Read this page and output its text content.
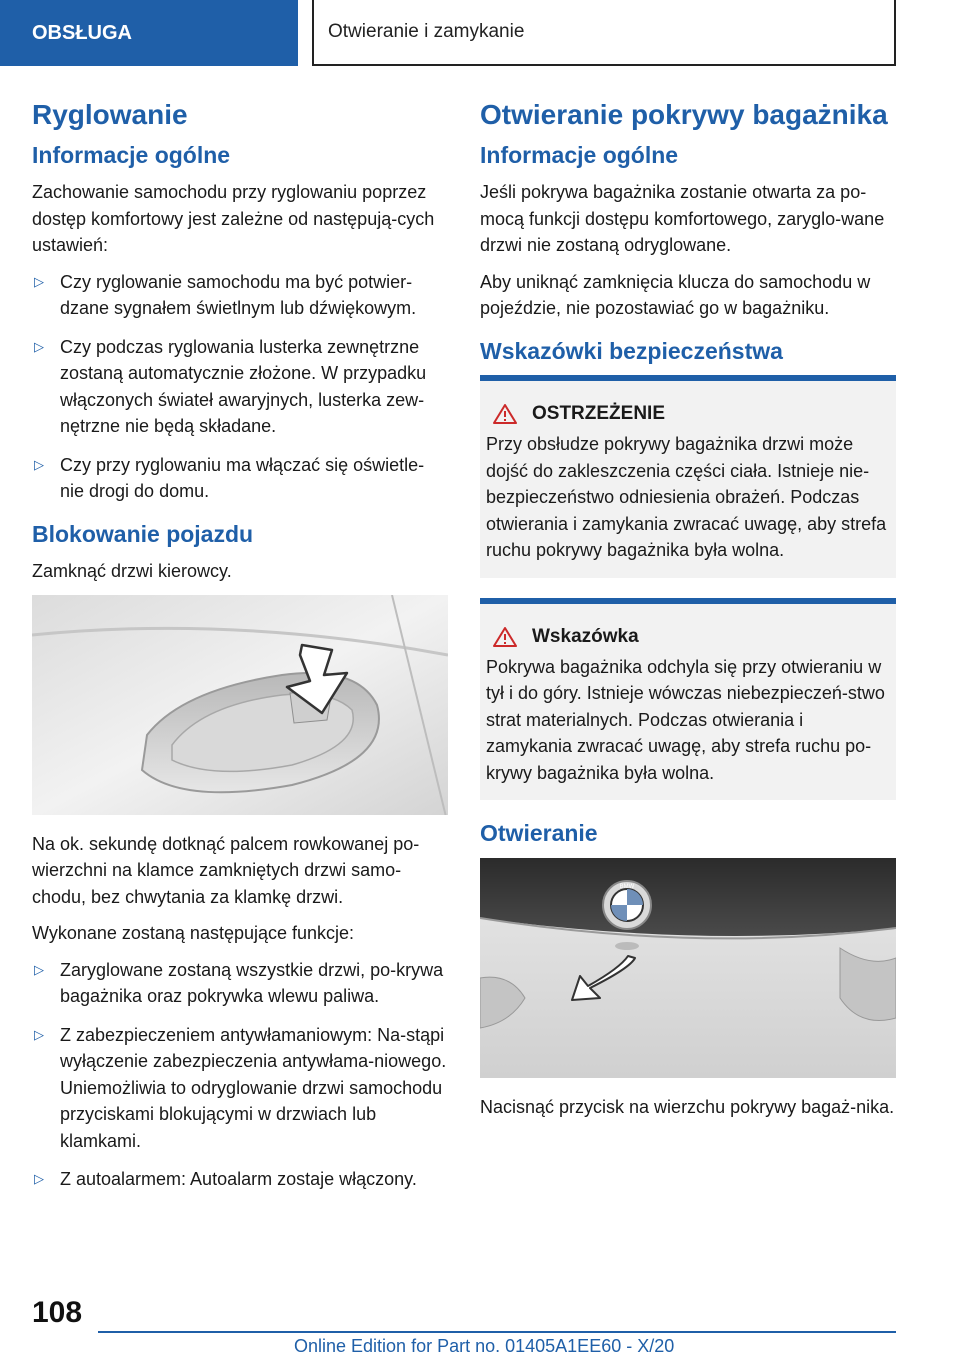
OBSŁUGA	Otwieranie i zamykanie
Ryglowanie
Informacje ogólne

Zachowanie samochodu przy ryglowaniu poprzez dostęp komfortowy jest zależne od następują-cych ustawień:

▷ Czy ryglowanie samochodu ma być potwier-dzane sygnałem świetlnym lub dźwiękowym.
▷ Czy podczas ryglowania lusterka zewnętrzne zostaną automatycznie złożone. W przypadku włączonych świateł awaryjnych, lusterka zew-nętrzne nie będą składane.
▷ Czy przy ryglowaniu ma włączać się oświetle-nie drogi do domu.
Blokowanie pojazdu

Zamknąć drzwi kierowcy.

Na ok. sekundę dotknąć palcem rowkowanej po-wierzchni na klamce zamkniętych drzwi samo-chodu, bez chwytania za klamkę drzwi.

Wykonane zostaną następujące funkcje:

▷ Zaryglowane zostaną wszystkie drzwi, po-krywa bagażnika oraz pokrywka wlewu paliwa.
▷ Z zabezpieczeniem antywłamaniowym: Na-stąpi wyłączenie zabezpieczenia antywłama-niowego. Uniemożliwia to odryglowanie drzwi samochodu przyciskami blokującymi w drzwiach lub klamkami.
▷ Z autoalarmem: Autoalarm zostaje włączony.
Otwieranie pokrywy bagażnika
Informacje ogólne

Jeśli pokrywa bagażnika zostanie otwarta za po-mocą funkcji dostępu komfortowego, zaryglo-wane drzwi nie zostaną odryglowane.

Aby uniknąć zamknięcia klucza do samochodu w pojeździe, nie pozostawiać go w bagażniku.

Wskazówki bezpieczeństwa
OSTRZEŻENIE

Przy obsłudze pokrywy bagażnika drzwi może dojść do zakleszczenia części ciała. Istnieje nie-bezpieczeństwo odniesienia obrażeń. Podczas otwierania i zamykania zwracać uwagę, aby strefa ruchu pokrywy bagażnika była wolna.

Wskazówka

Pokrywa bagażnika odchyla się przy otwieraniu w tył i do góry. Istnieje wówczas niebezpieczeń-stwo strat materialnych. Podczas otwierania i zamykania zwracać uwagę, aby strefa ruchu po-krywy bagażnika była wolna.

Otwieranie
BMW

Nacisnąć przycisk na wierzchu pokrywy bagaż-nika.

108
Online Edition for Part no. 01405A1EE60 - X/20
